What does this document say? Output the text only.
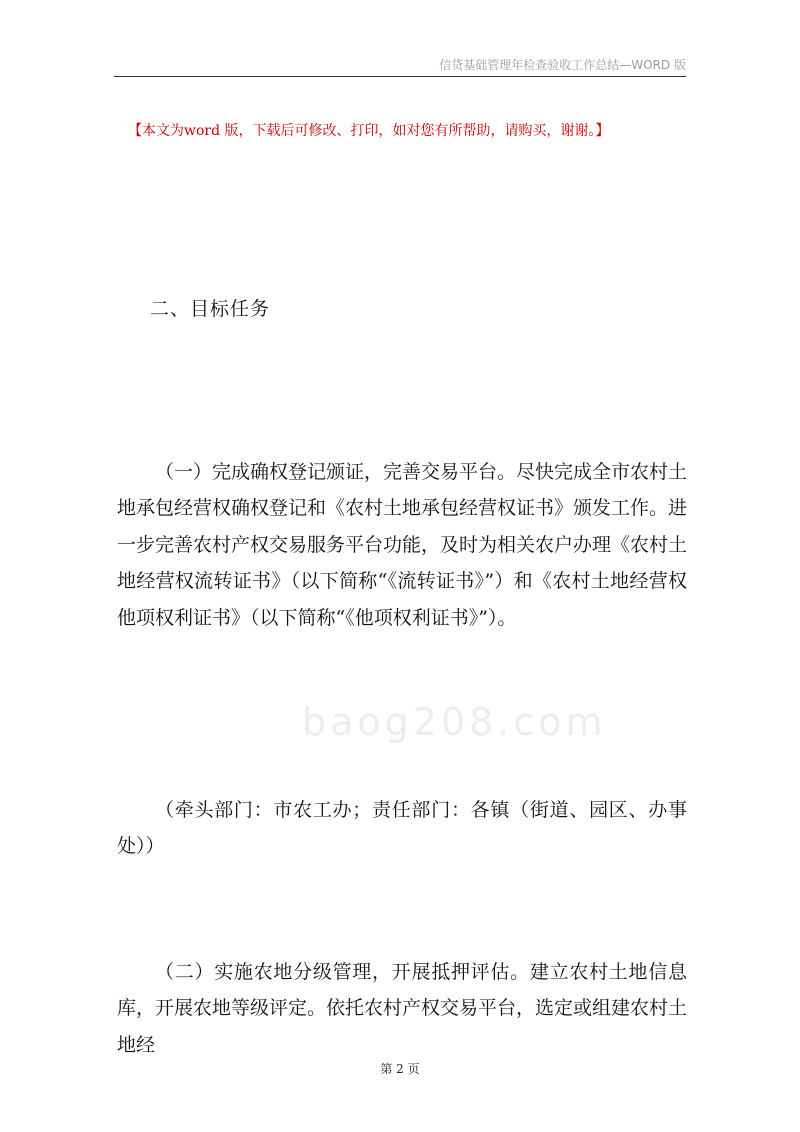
信贷基础管理年检查验收工作总结—WORD 版
【本文为word 版，下载后可修改、打印，如对您有所帮助，请购买，谢谢。】
baog208.com
二、目标任务

（一）完成确权登记颁证，完善交易平台。尽快完成全市农村土地承包经营权确权登记和《农村土地承包经营权证书》颁发工作。进一步完善农村产权交易服务平台功能，及时为相关农户办理《农村土地经营权流转证书》（以下简称“《流转证书》”）和《农村土地经营权他项权利证书》（以下简称“《他项权利证书》”）。

（牵头部门：市农工办；责任部门：各镇（街道、园区、办事处））

（二）实施农地分级管理，开展抵押评估。建立农村土地信息库，开展农地等级评定。依托农村产权交易平台，选定或组建农村土地经

第 2 页
